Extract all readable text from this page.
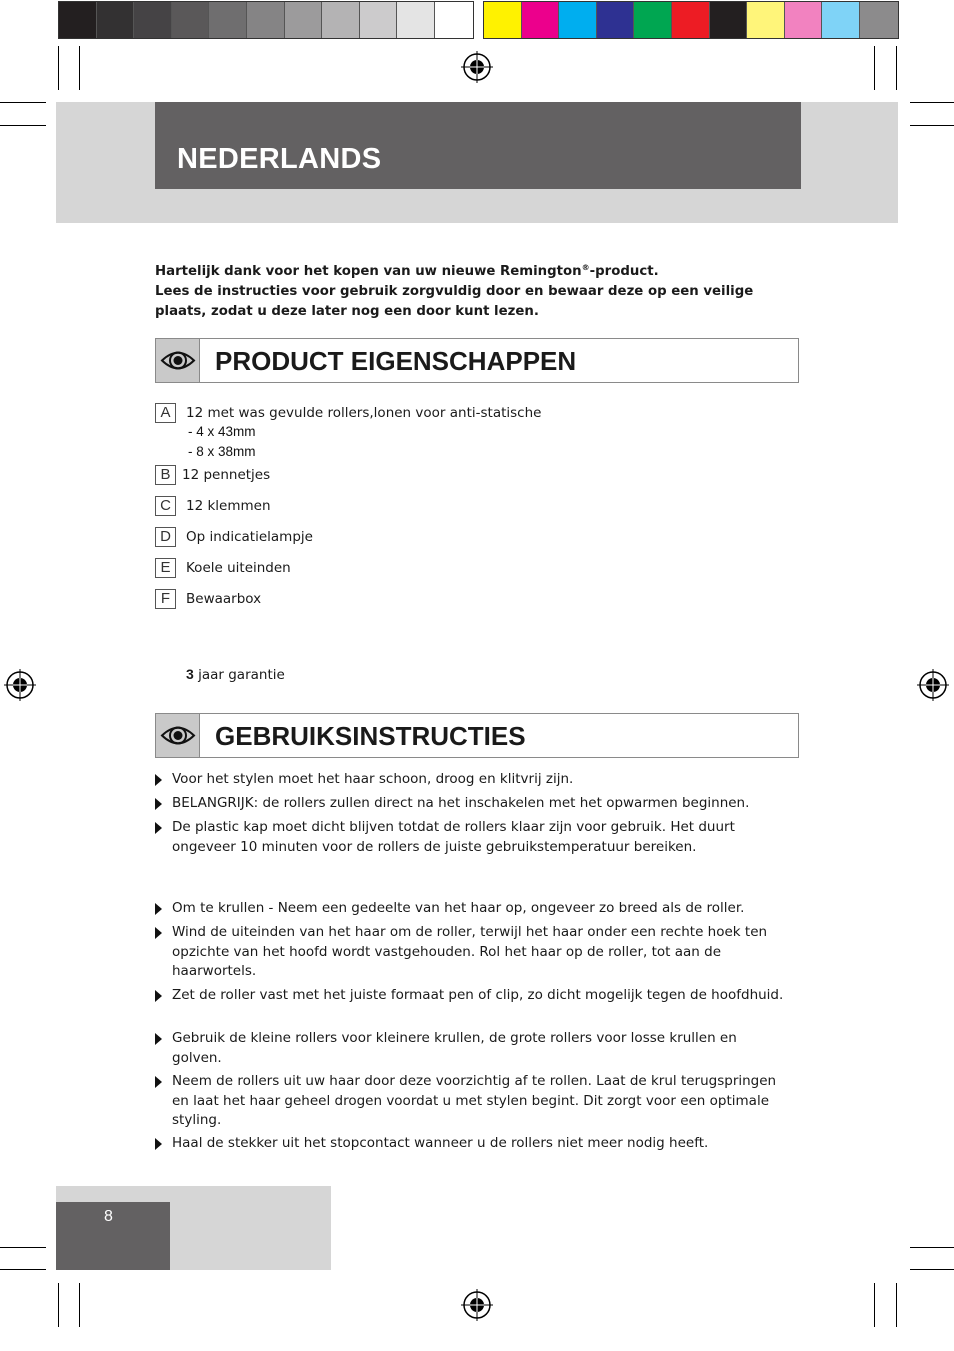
NEDERLANDS
Hartelijk dank voor het kopen van uw nieuwe Remington®-product.
Lees de instructies voor gebruik zorgvuldig door en bewaar deze op een veilige plaats, zodat u deze later nog een door kunt lezen.
PRODUCT EIGENSCHAPPEN
A	12 met was gevulde rollers,lonen voor anti-statische
B 12 pennetjes
C	12 klemmen
D	Op indicatielampje
E	Koele uiteinden
F	Bewaarbox
- 4 x 43mm
- 8 x 38mm
3 jaar garantie
GEBRUIKSINSTRUCTIES
Voor het stylen moet het haar schoon, droog en klitvrij zijn.
BELANGRIJK: de rollers zullen direct na het inschakelen met het opwarmen beginnen.
De plastic kap moet dicht blijven totdat de rollers klaar zijn voor gebruik. Het duurt ongeveer 10 minuten voor de rollers de juiste gebruikstemperatuur bereiken.
Om te krullen - Neem een gedeelte van het haar op, ongeveer zo breed als de roller.
Wind de uiteinden van het haar om de roller, terwijl het haar onder een rechte hoek ten opzichte van het hoofd wordt vastgehouden. Rol het haar op de roller, tot aan de haarwortels.
Zet de roller vast met het juiste formaat pen of clip, zo dicht mogelijk tegen de hoofdhuid.
Gebruik de kleine rollers voor kleinere krullen, de grote rollers voor losse krullen en golven.
Neem de rollers uit uw haar door deze voorzichtig af te rollen. Laat de krul terugspringen en laat het haar geheel drogen voordat u met stylen begint. Dit zorgt voor een optimale styling.
Haal de stekker uit het stopcontact wanneer u de rollers niet meer nodig heeft.
8
